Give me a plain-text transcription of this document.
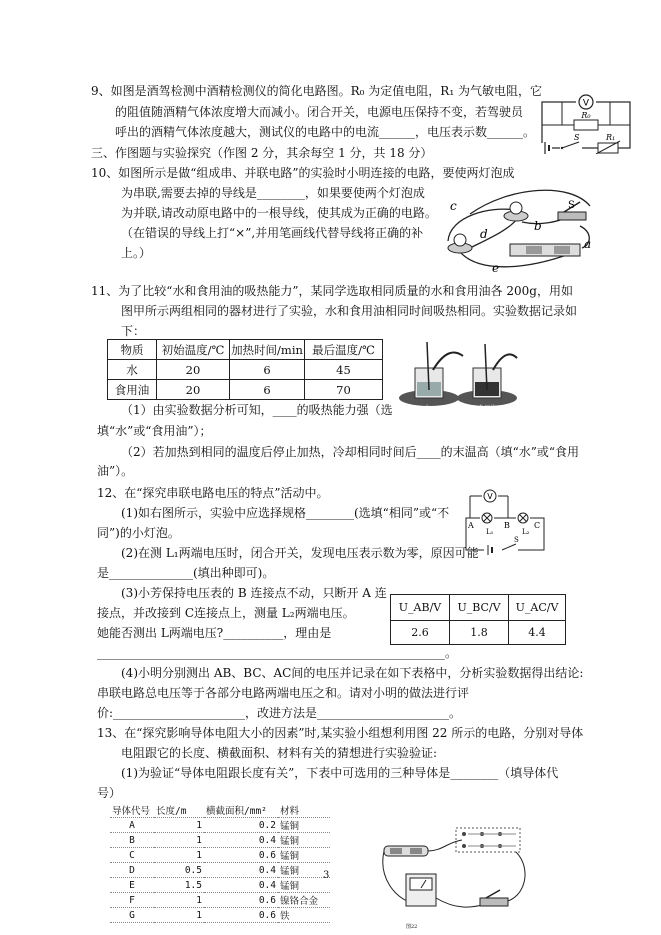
9、如图是酒驾检测中酒精检测仪的简化电路图。R₀ 为定值电阻，R₁ 为气敏电阻，它
的阻值随酒精气体浓度增大而减小。闭合开关，电源电压保持不变，若驾驶员
呼出的酒精气体浓度越大，测试仪的电路中的电流______，电压表示数______。
V
R₀
S	R₁
三、作图题与实验探究（作图 2 分，其余每空 1 分，共 18 分）
10、如图所示是做“组成串、并联电路”的实验时小明连接的电路，要使两灯泡成
为串联,需要去掉的导线是________，如果要使两个灯泡成
为并联,请改动原电路中的一根导线，使其成为正确的电路。
（在错误的导线上打“×”,并用笔画线代替导线将正确的补
上。）
c
b
d
S
a
e
11、为了比较“水和食用油的吸热能力”，某同学选取相同质量的水和食用油各 200g，用如
图甲所示两组相同的器材进行了实验，水和食用油相同时间吸热相同。实验数据记录如
下：
物质	初始温度/℃	加热时间/min	最后温度/℃
水	20	6	45
食用油	20	6	70
水	食用油
（1）由实验数据分析可知，____的吸热能力强（选
填“水”或“食用油”）；
（2）若加热到相同的温度后停止加热，冷却相同时间后____的末温高（填“水”或“食用
油”）。
12、在“探究串联电路电压的特点”活动中。
(1)如右图所示，实验中应选择规格________(选填“相同”或“不
同”)的小灯泡。
(2)在测 L₁两端电压时，闭合开关，发现电压表示数为零，原因可能
是______________(填出种即可)。
V
A	B	C
L₁	L₂
S
(3)小芳保持电压表的 B 连接点不动，只断开 A 连
接点，并改接到 C连接点上，测量 L₂两端电压。
她能否测出 L两端电压?__________，理由是
__________________________________________________________。
U_AB/V	U_BC/V	U_AC/V
2.6	1.8	4.4
(4)小明分别测出 AB、BC、AC间的电压并记录在如下表格中，分析实验数据得出结论:
串联电路总电压等于各部分电路两端电压之和。请对小明的做法进行评
价:______________________，改进方法是______________________。
13、在“探究影响导体电阻大小的因素”时,某实验小组想利用图 22 所示的电路，分别对导体
电阻跟它的长度、横截面积、材料有关的猜想进行实验验证:
(1)为验证“导体电阻跟长度有关”，下表中可选用的三种导体是________（填导体代
号）
导体代号	长度/m	横截面积/mm²	材料
A	1	0.2	锰铜
B	1	0.4	锰铜
C	1	0.6	锰铜
D	0.5	0.4	锰铜
E	1.5	0.4	锰铜
F	1	0.6	镍铬合金
G	1	0.6	铁
3
图22
